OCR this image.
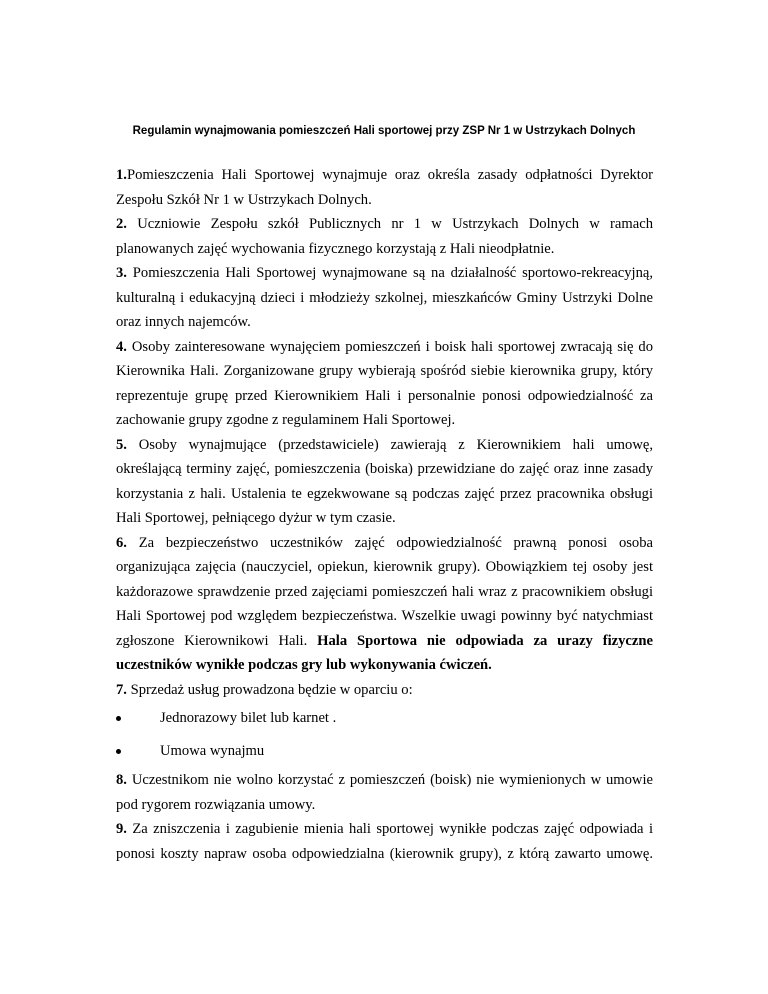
Regulamin wynajmowania pomieszczeń Hali sportowej przy ZSP Nr 1 w Ustrzykach Dolnych

1.Pomieszczenia Hali Sportowej wynajmuje oraz określa zasady odpłatności Dyrektor Zespołu Szkół Nr 1 w Ustrzykach Dolnych.

2. Uczniowie Zespołu szkół Publicznych nr 1 w Ustrzykach Dolnych w ramach planowanych zajęć wychowania fizycznego korzystają z Hali nieodpłatnie.

3. Pomieszczenia Hali Sportowej wynajmowane są na działalność sportowo-rekreacyjną, kulturalną i edukacyjną dzieci i młodzieży szkolnej, mieszkańców Gminy Ustrzyki Dolne oraz innych najemców.

4. Osoby zainteresowane wynajęciem pomieszczeń i boisk hali sportowej zwracają się do Kierownika Hali. Zorganizowane grupy wybierają spośród siebie kierownika grupy, który reprezentuje grupę przed Kierownikiem Hali i personalnie ponosi odpowiedzialność za zachowanie grupy zgodne z regulaminem Hali Sportowej.

5. Osoby wynajmujące (przedstawiciele) zawierają z Kierownikiem hali umowę, określającą terminy zajęć, pomieszczenia (boiska) przewidziane do zajęć oraz inne zasady korzystania z hali. Ustalenia te egzekwowane są podczas zajęć przez pracownika obsługi Hali Sportowej, pełniącego dyżur w tym czasie.

6. Za bezpieczeństwo uczestników zajęć odpowiedzialność prawną ponosi osoba organizująca zajęcia (nauczyciel, opiekun, kierownik grupy). Obowiązkiem tej osoby jest każdorazowe sprawdzenie przed zajęciami pomieszczeń hali wraz z pracownikiem obsługi Hali Sportowej pod względem bezpieczeństwa. Wszelkie uwagi powinny być natychmiast zgłoszone Kierownikowi Hali. Hala Sportowa nie odpowiada za urazy fizyczne uczestników wynikłe podczas gry lub wykonywania ćwiczeń.

7. Sprzedaż usług prowadzona będzie w oparciu o:

Jednorazowy bilet lub karnet .
Umowa wynajmu

8. Uczestnikom nie wolno korzystać z pomieszczeń (boisk) nie wymienionych w umowie pod rygorem rozwiązania umowy.

9. Za zniszczenia i zagubienie mienia hali sportowej wynikłe podczas zajęć odpowiada i ponosi koszty napraw osoba odpowiedzialna (kierownik grupy), z którą zawarto umowę.
